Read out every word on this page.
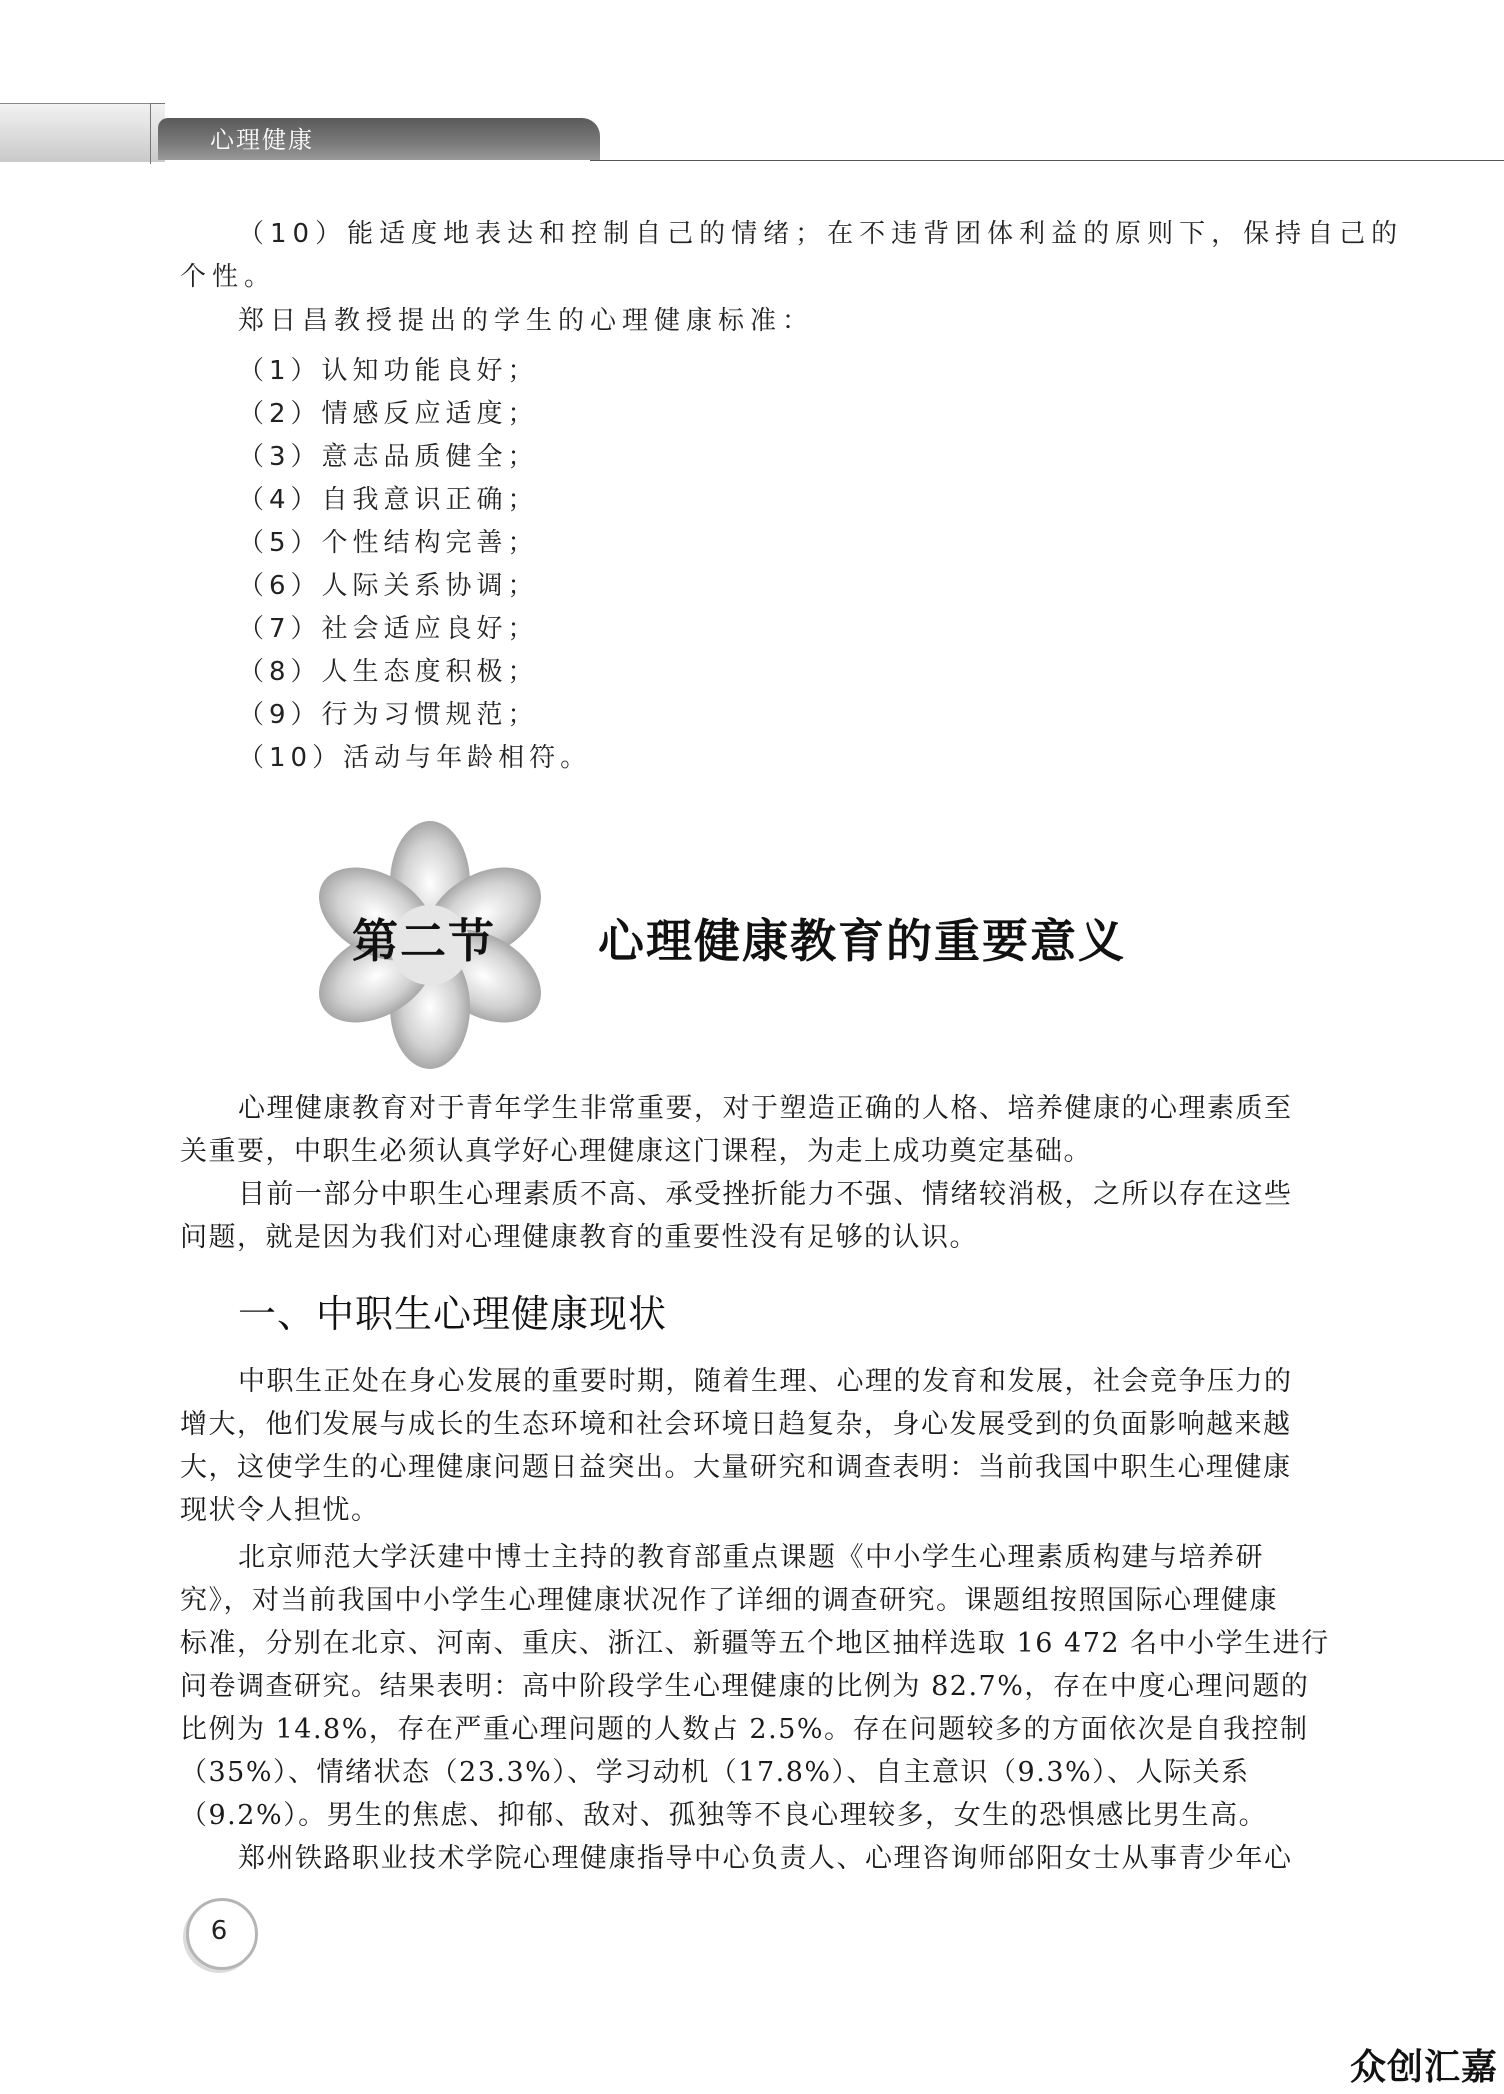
心理健康
（10）能适度地表达和控制自己的情绪；在不违背团体利益的原则下，保持自己的
个性。
郑日昌教授提出的学生的心理健康标准：
（1）认知功能良好；
（2）情感反应适度；
（3）意志品质健全；
（4）自我意识正确；
（5）个性结构完善；
（6）人际关系协调；
（7）社会适应良好；
（8）人生态度积极；
（9）行为习惯规范；
（10）活动与年龄相符。
第二节 心理健康教育的重要意义
心理健康教育对于青年学生非常重要，对于塑造正确的人格、培养健康的心理素质至
关重要，中职生必须认真学好心理健康这门课程，为走上成功奠定基础。
目前一部分中职生心理素质不高、承受挫折能力不强、情绪较消极，之所以存在这些
问题，就是因为我们对心理健康教育的重要性没有足够的认识。
一、中职生心理健康现状
中职生正处在身心发展的重要时期，随着生理、心理的发育和发展，社会竞争压力的
增大，他们发展与成长的生态环境和社会环境日趋复杂，身心发展受到的负面影响越来越
大，这使学生的心理健康问题日益突出。大量研究和调查表明：当前我国中职生心理健康
现状令人担忧。
北京师范大学沃建中博士主持的教育部重点课题《中小学生心理素质构建与培养研
究》，对当前我国中小学生心理健康状况作了详细的调查研究。课题组按照国际心理健康
标准，分别在北京、河南、重庆、浙江、新疆等五个地区抽样选取 16 472 名中小学生进行
问卷调查研究。结果表明：高中阶段学生心理健康的比例为 82.7%，存在中度心理问题的
比例为 14.8%，存在严重心理问题的人数占 2.5%。存在问题较多的方面依次是自我控制
（35%）、情绪状态（23.3%）、学习动机（17.8%）、自主意识（9.3%）、人际关系
（9.2%）。男生的焦虑、抑郁、敌对、孤独等不良心理较多，女生的恐惧感比男生高。
郑州铁路职业技术学院心理健康指导中心负责人、心理咨询师邰阳女士从事青少年心
6
众创汇嘉
